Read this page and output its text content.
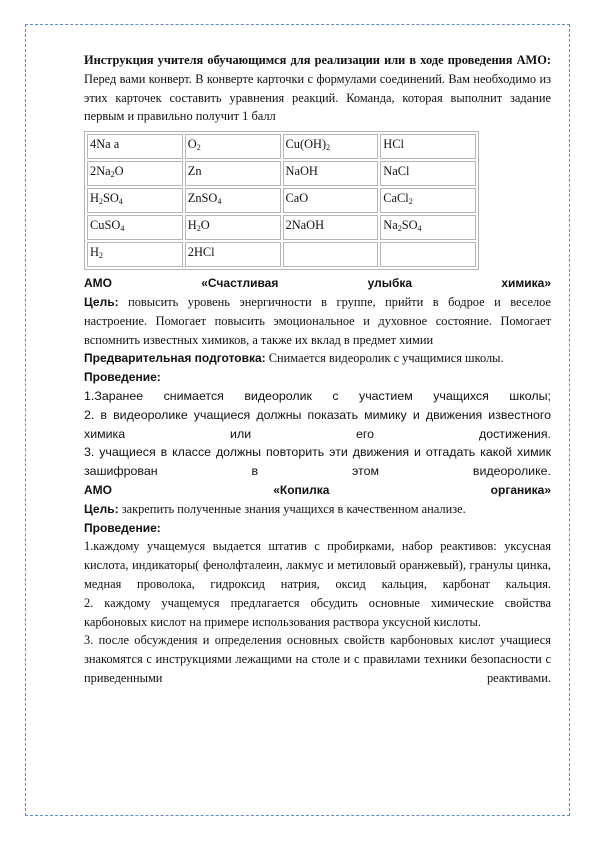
Инструкция учителя обучающимся для реализации или в ходе проведения АМО:

Перед вами конверт. В конверте карточки с формулами соединений. Вам необходимо из этих карточек составить уравнения реакций. Команда, которая выполнит задание первым и правильно получит 1 балл

4Na a	$O_2$	$Cu(OH)_2$	HCl
$2Na_2O$	Zn	NaOH	NaCl
$H_2SO_4$	ZnSO$_4$	CaO	CaCl$_2$
CuSO$_4$	$H_2O$	2NaOH	$Na_2SO_4$
$H_2$	2HCl		

АМО «Счастливая улыбка химика»

Цель: повысить уровень энергичности в группе, прийти в бодрое и веселое настроение. Помогает повысить эмоциональное и духовное состояние. Помогает вспомнить известных химиков, а также их вклад в предмет химии

Предварительная подготовка: Снимается видеоролик с учащимися школы.

Проведение:

1.Заранее снимается видеоролик с участием учащихся школы;

2. в видеоролике учащиеся должны показать мимику и движения известного химика или его достижения.

3. учащиеся в классе должны повторить эти движения и отгадать какой химик зашифрован в этом видеоролике.

АМО «Копилка органика»

Цель: закрепить полученные знания учащихся в качественном анализе.

Проведение:

1.каждому учащемуся выдается штатив с пробирками, набор реактивов: уксусная кислота, индикаторы( фенолфталеин, лакмус и метиловый оранжевый), гранулы цинка, медная проволока, гидроксид натрия, оксид кальция, карбонат кальция.

2. каждому учащемуся предлагается обсудить основные химические свойства карбоновых кислот на примере использования раствора уксусной кислоты.

3. после обсуждения и определения основных свойств карбоновых кислот учащиеся знакомятся с инструкциями лежащими на столе и с правилами техники безопасности с приведенными реактивами.
